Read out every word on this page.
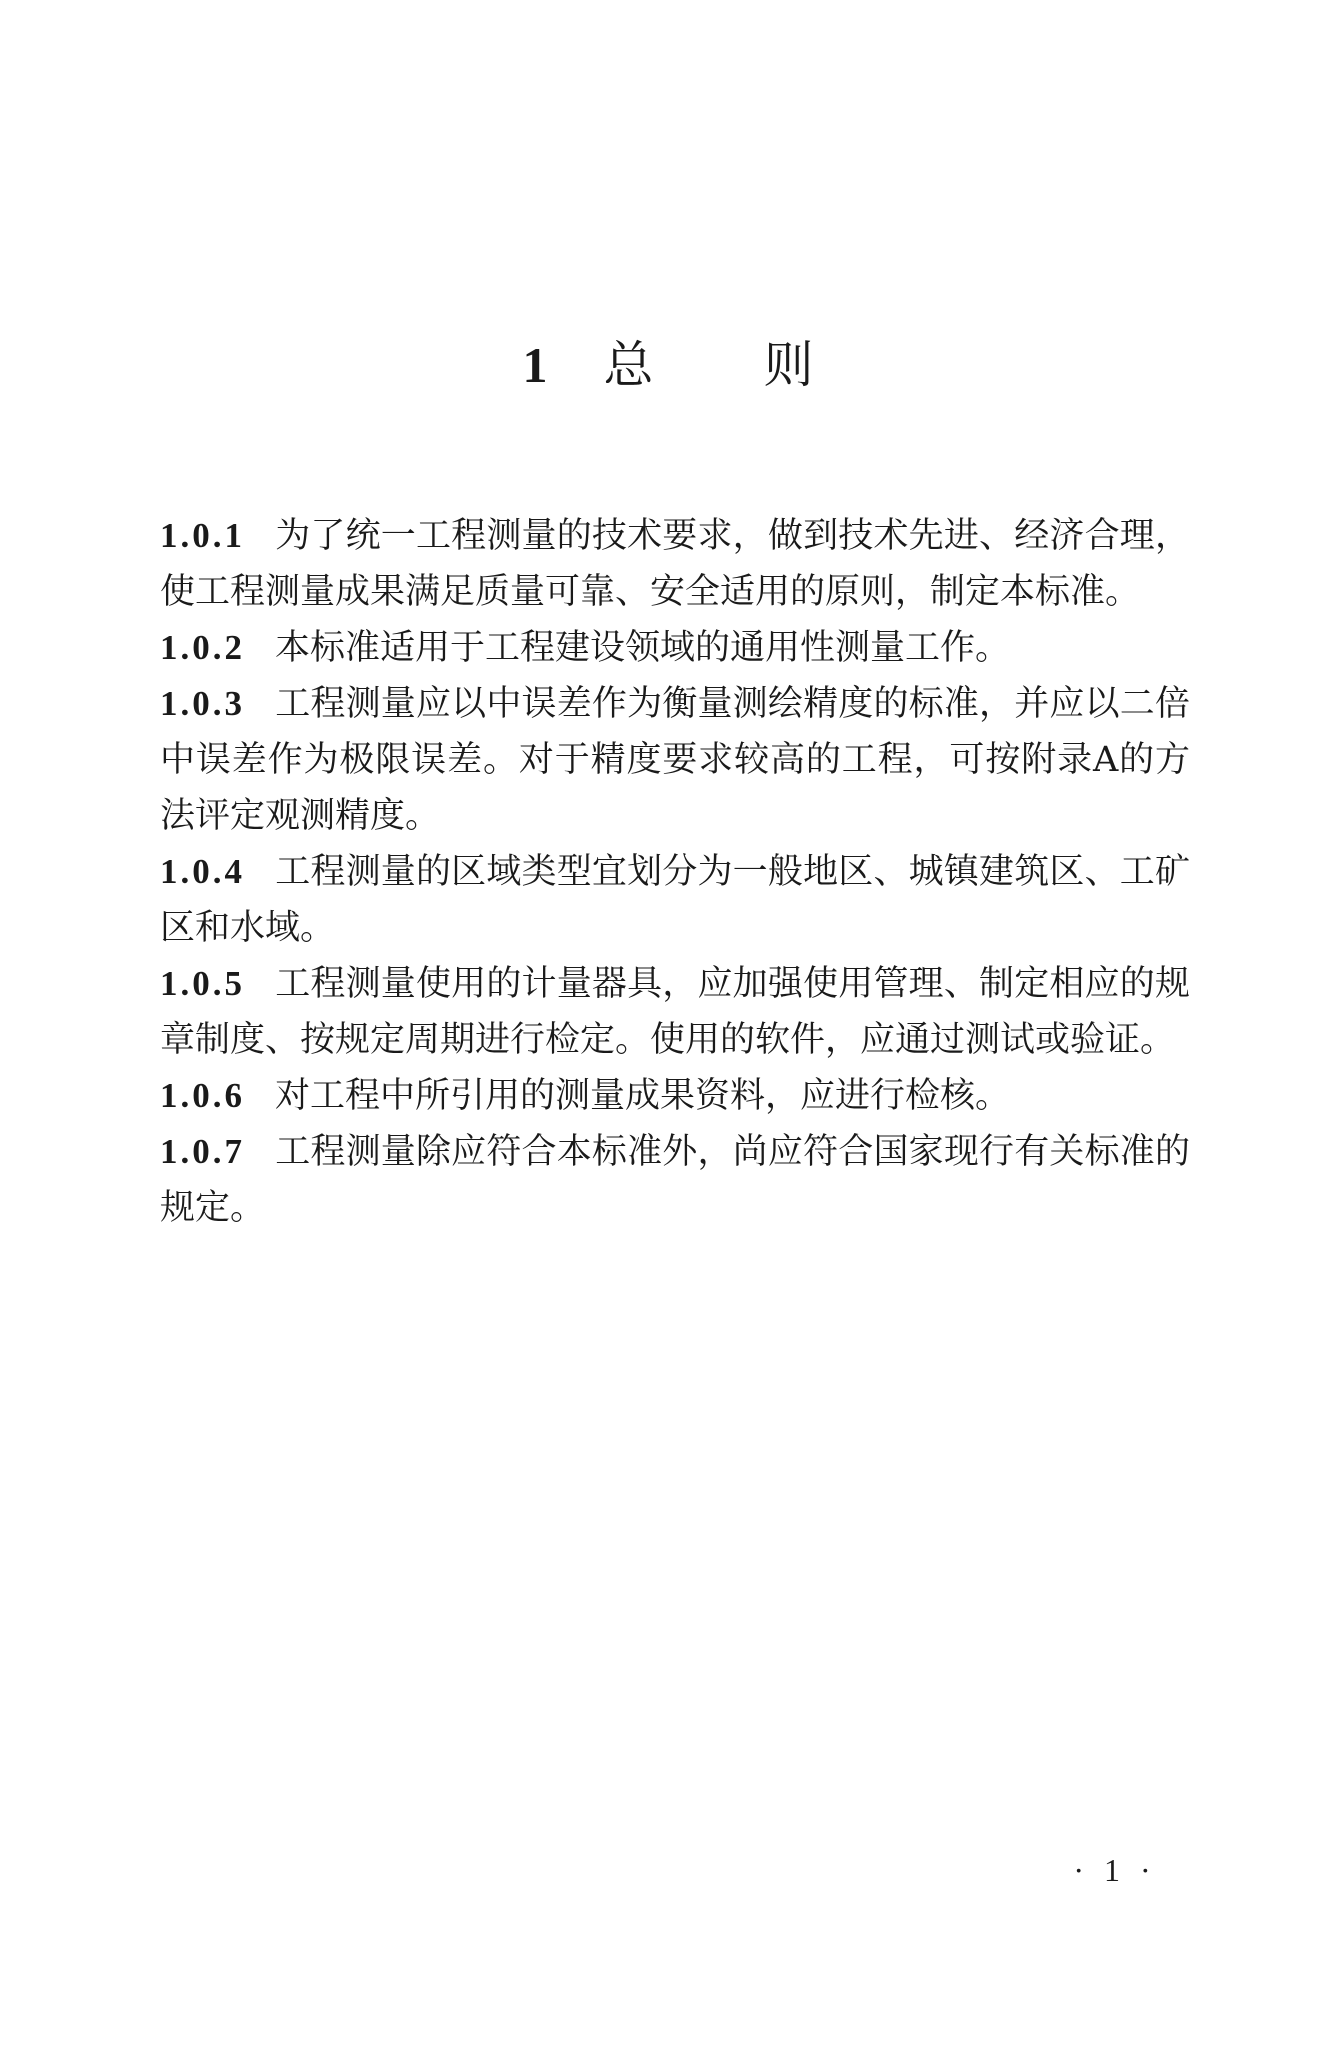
1 总 则

1.0.1 为了统一工程测量的技术要求，做到技术先进、经济合理，使工程测量成果满足质量可靠、安全适用的原则，制定本标准。

1.0.2 本标准适用于工程建设领域的通用性测量工作。

1.0.3 工程测量应以中误差作为衡量测绘精度的标准，并应以二倍中误差作为极限误差。对于精度要求较高的工程，可按附录A的方法评定观测精度。

1.0.4 工程测量的区域类型宜划分为一般地区、城镇建筑区、工矿区和水域。

1.0.5 工程测量使用的计量器具，应加强使用管理、制定相应的规章制度、按规定周期进行检定。使用的软件，应通过测试或验证。

1.0.6 对工程中所引用的测量成果资料，应进行检核。

1.0.7 工程测量除应符合本标准外，尚应符合国家现行有关标准的规定。

· 1 ·
